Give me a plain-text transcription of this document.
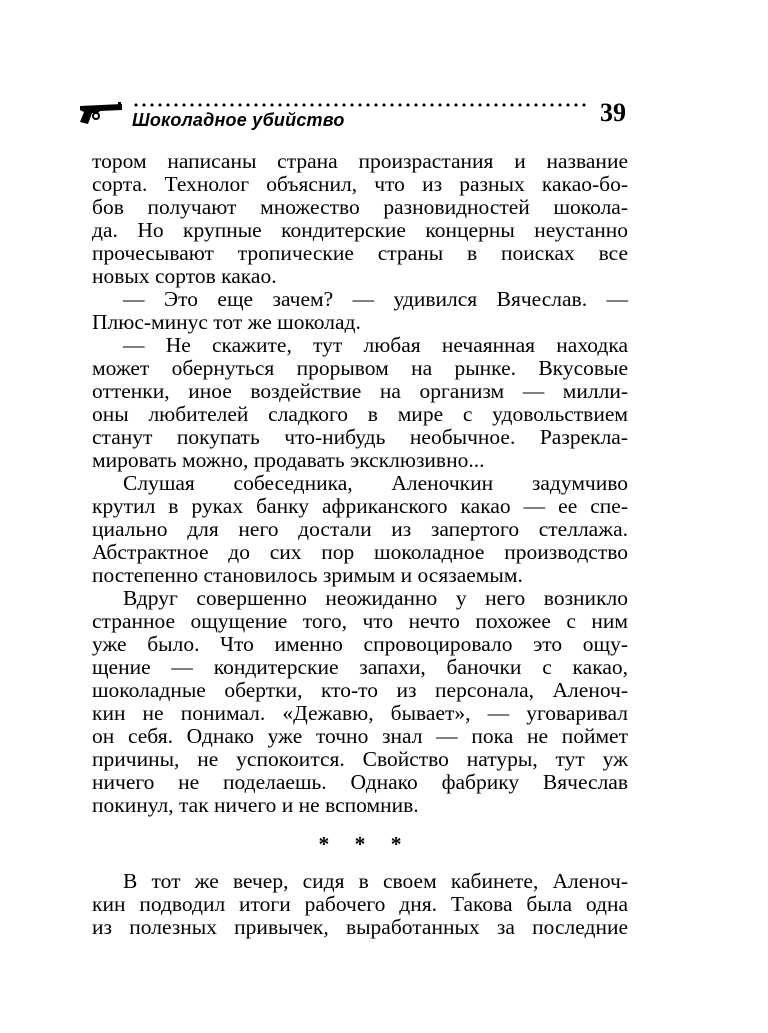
Шоколадное убийство	39
тором написаны страна произрастания и название
сорта. Технолог объяснил, что из разных какао-бо-
бов получают множество разновидностей шокола-
да. Но крупные кондитерские концерны неустанно
прочесывают тропические страны в поисках все
новых сортов какао.
— Это еще зачем? — удивился Вячеслав. —
Плюс-минус тот же шоколад.
— Не скажите, тут любая нечаянная находка
может обернуться прорывом на рынке. Вкусовые
оттенки, иное воздействие на организм — милли-
оны любителей сладкого в мире с удовольствием
станут покупать что-нибудь необычное. Разрекла-
мировать можно, продавать эксклюзивно...
Слушая собеседника, Аленочкин задумчиво
крутил в руках банку африканского какао — ее спе-
циально для него достали из запертого стеллажа.
Абстрактное до сих пор шоколадное производство
постепенно становилось зримым и осязаемым.
Вдруг совершенно неожиданно у него возникло
странное ощущение того, что нечто похожее с ним
уже было. Что именно спровоцировало это ощу-
щение — кондитерские запахи, баночки с какао,
шоколадные обертки, кто-то из персонала, Аленоч-
кин не понимал. «Дежавю, бывает», — уговаривал
он себя. Однако уже точно знал — пока не поймет
причины, не успокоится. Свойство натуры, тут уж
ничего не поделаешь. Однако фабрику Вячеслав
покинул, так ничего и не вспомнив.
* * *
В тот же вечер, сидя в своем кабинете, Аленоч-
кин подводил итоги рабочего дня. Такова была одна
из полезных привычек, выработанных за последние
